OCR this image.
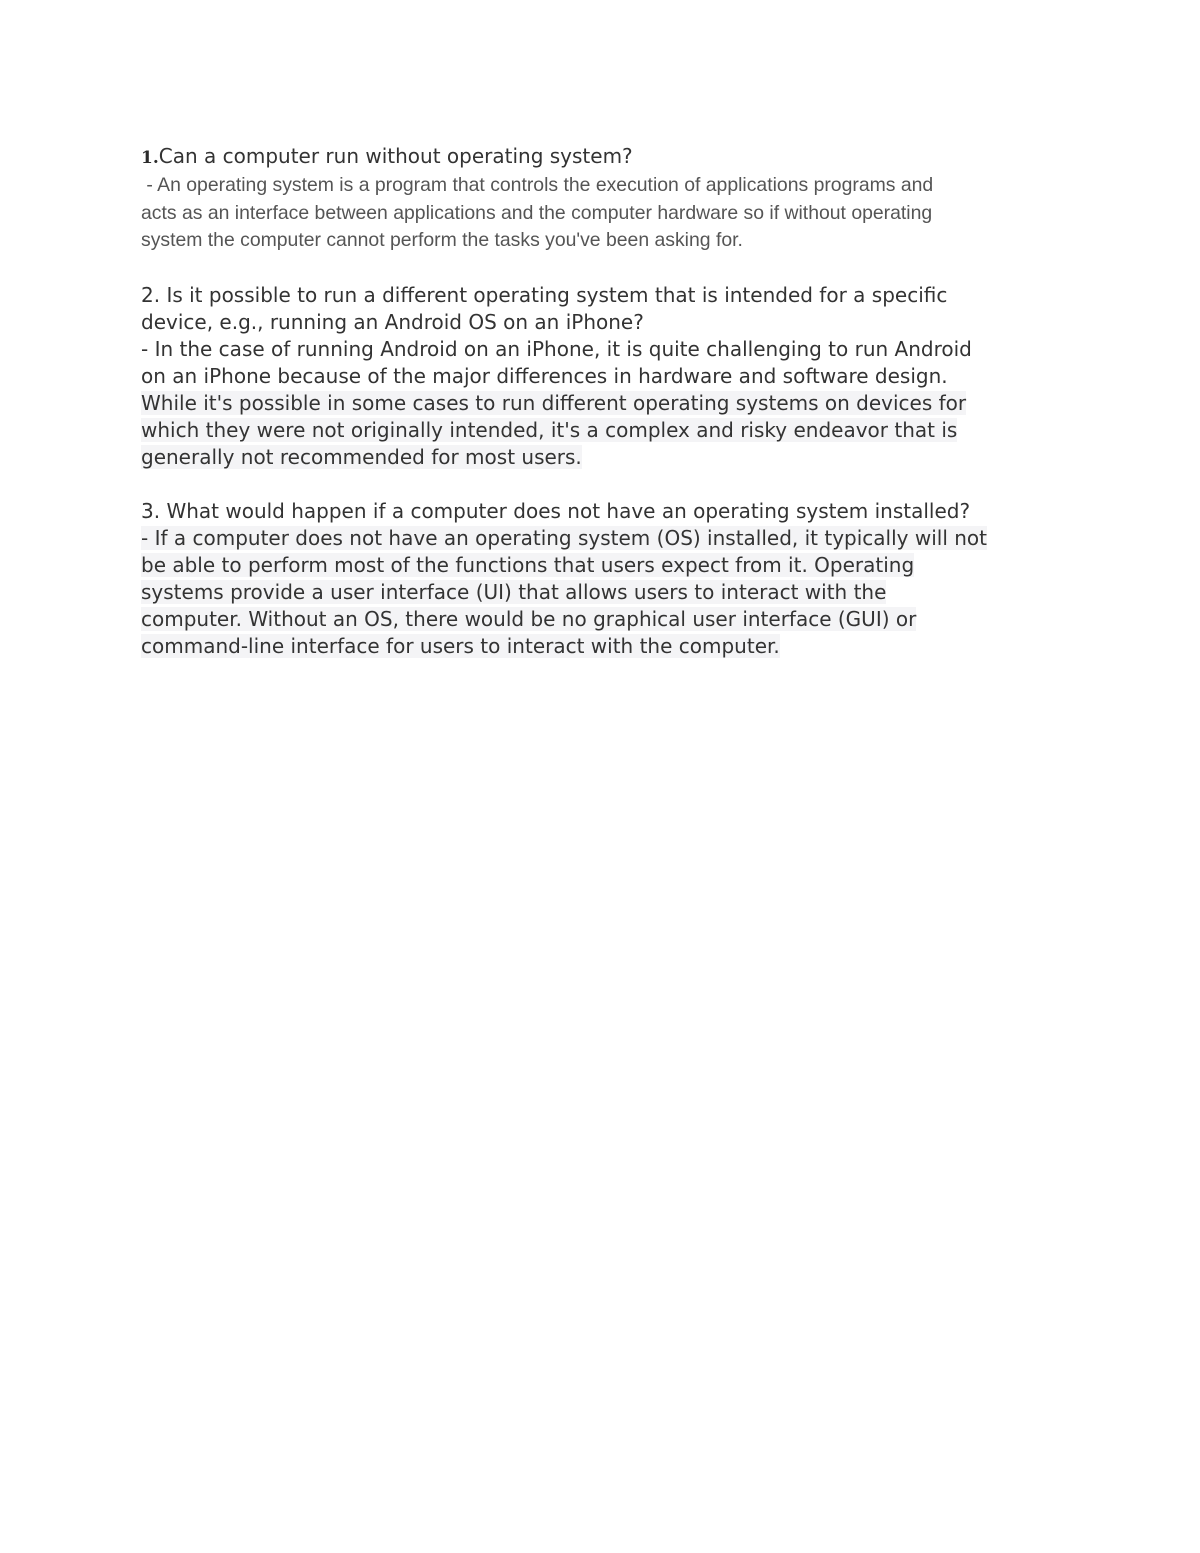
1.Can a computer run without operating system?
- An operating system is a program that controls the execution of applications programs and
acts as an interface between applications and the computer hardware so if without operating
system the computer cannot perform the tasks you've been asking for.
2. Is it possible to run a different operating system that is intended for a specific
device, e.g., running an Android OS on an iPhone?
- In the case of running Android on an iPhone, it is quite challenging to run Android
on an iPhone because of the major differences in hardware and software design.
While it's possible in some cases to run different operating systems on devices for
which they were not originally intended, it's a complex and risky endeavor that is
generally not recommended for most users.
3. What would happen if a computer does not have an operating system installed?
- If a computer does not have an operating system (OS) installed, it typically will not
be able to perform most of the functions that users expect from it. Operating
systems provide a user interface (UI) that allows users to interact with the
computer. Without an OS, there would be no graphical user interface (GUI) or
command-line interface for users to interact with the computer.
